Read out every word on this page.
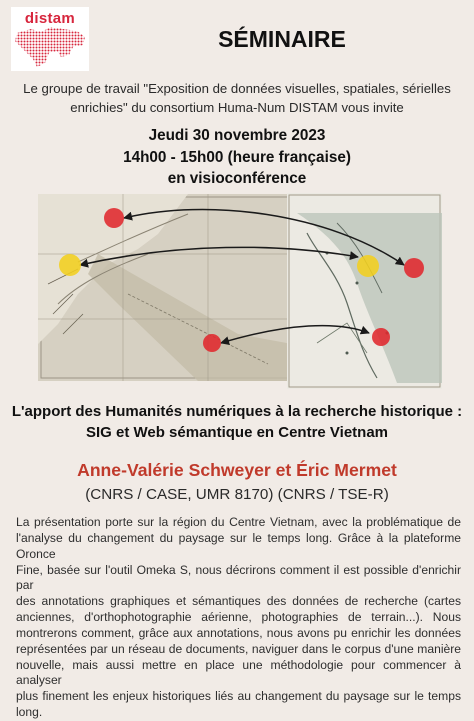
distam
SÉMINAIRE
Le groupe de travail "Exposition de données visuelles, spatiales, sérielles enrichies" du consortium Huma-Num DISTAM vous invite
Jeudi 30 novembre 2023
14h00 - 15h00 (heure française)
en visioconférence
L'apport des Humanités numériques à la recherche historique :
SIG et Web sémantique en Centre Vietnam
Anne-Valérie Schweyer et Éric Mermet
(CNRS / CASE, UMR 8170) (CNRS / TSE-R)
La présentation porte sur la région du Centre Vietnam, avec la problématique de
l'analyse du changement du paysage sur le temps long. Grâce à la plateforme Oronce
Fine, basée sur l'outil Omeka S, nous décrirons comment il est possible d'enrichir par
des annotations graphiques et sémantiques des données de recherche (cartes
anciennes, d'orthophotographie aérienne, photographies de terrain...). Nous
montrerons comment, grâce aux annotations, nous avons pu enrichir les données
représentées par un réseau de documents, naviguer dans le corpus d'une manière
nouvelle, mais aussi mettre en place une méthodologie pour commencer à analyser
plus finement les enjeux historiques liés au changement du paysage sur le temps long.
